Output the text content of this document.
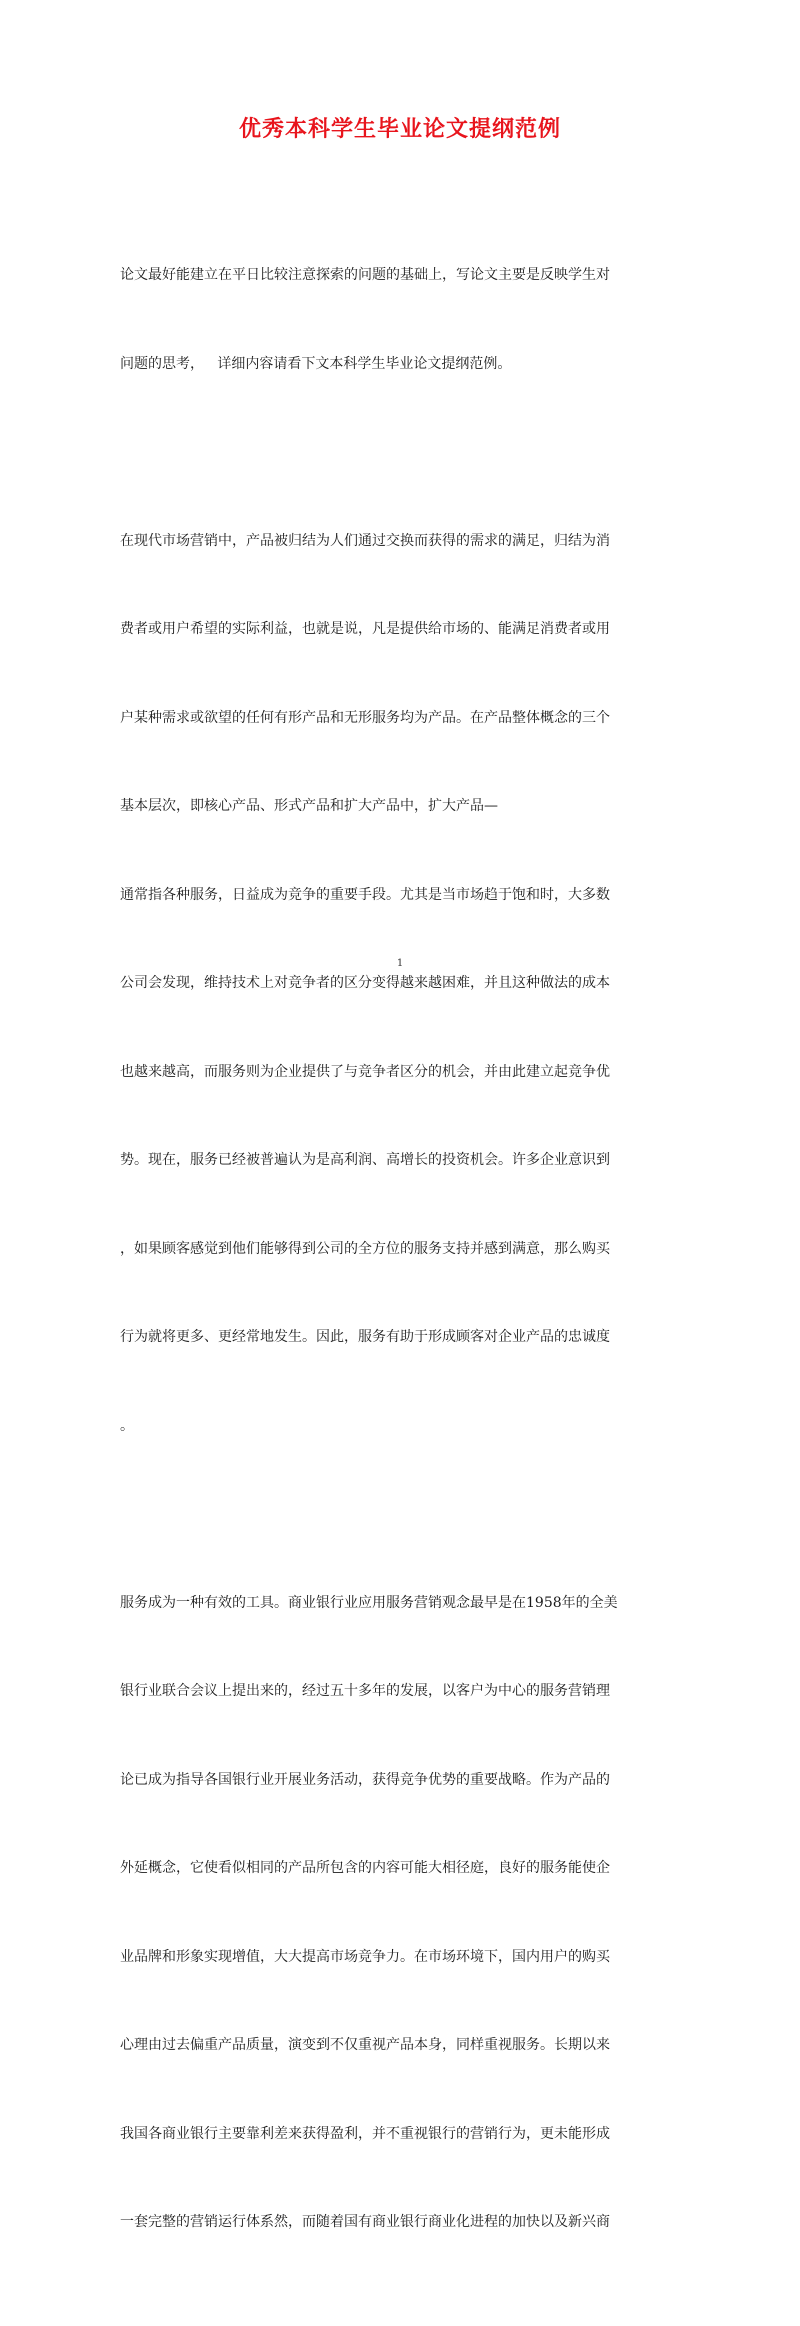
优秀本科学生毕业论文提纲范例

论文最好能建立在平日比较注意探索的问题的基础上，写论文主要是反映学生对

问题的思考，   详细内容请看下文本科学生毕业论文提纲范例。

在现代市场营销中，产品被归结为人们通过交换而获得的需求的满足，归结为消

费者或用户希望的实际利益，也就是说，凡是提供给市场的、能满足消费者或用

户某种需求或欲望的任何有形产品和无形服务均为产品。在产品整体概念的三个

基本层次，即核心产品、形式产品和扩大产品中，扩大产品—

通常指各种服务，日益成为竞争的重要手段。尤其是当市场趋于饱和时，大多数

公司会发现，维持技术上对竞争者的区分变得越来越困难，并且这种做法的成本

也越来越高，而服务则为企业提供了与竞争者区分的机会，并由此建立起竞争优

势。现在，服务已经被普遍认为是高利润、高增长的投资机会。许多企业意识到

，如果顾客感觉到他们能够得到公司的全方位的服务支持并感到满意，那么购买

行为就将更多、更经常地发生。因此，服务有助于形成顾客对企业产品的忠诚度

。

服务成为一种有效的工具。商业银行业应用服务营销观念最早是在1958年的全美

银行业联合会议上提出来的，经过五十多年的发展，以客户为中心的服务营销理

论已成为指导各国银行业开展业务活动，获得竞争优势的重要战略。作为产品的

外延概念，它使看似相同的产品所包含的内容可能大相径庭，良好的服务能使企

业品牌和形象实现增值，大大提高市场竞争力。在市场环境下，国内用户的购买

心理由过去偏重产品质量，演变到不仅重视产品本身，同样重视服务。长期以来

我国各商业银行主要靠利差来获得盈利，并不重视银行的营销行为，更未能形成

一套完整的营销运行体系然，而随着国有商业银行商业化进程的加快以及新兴商

1
